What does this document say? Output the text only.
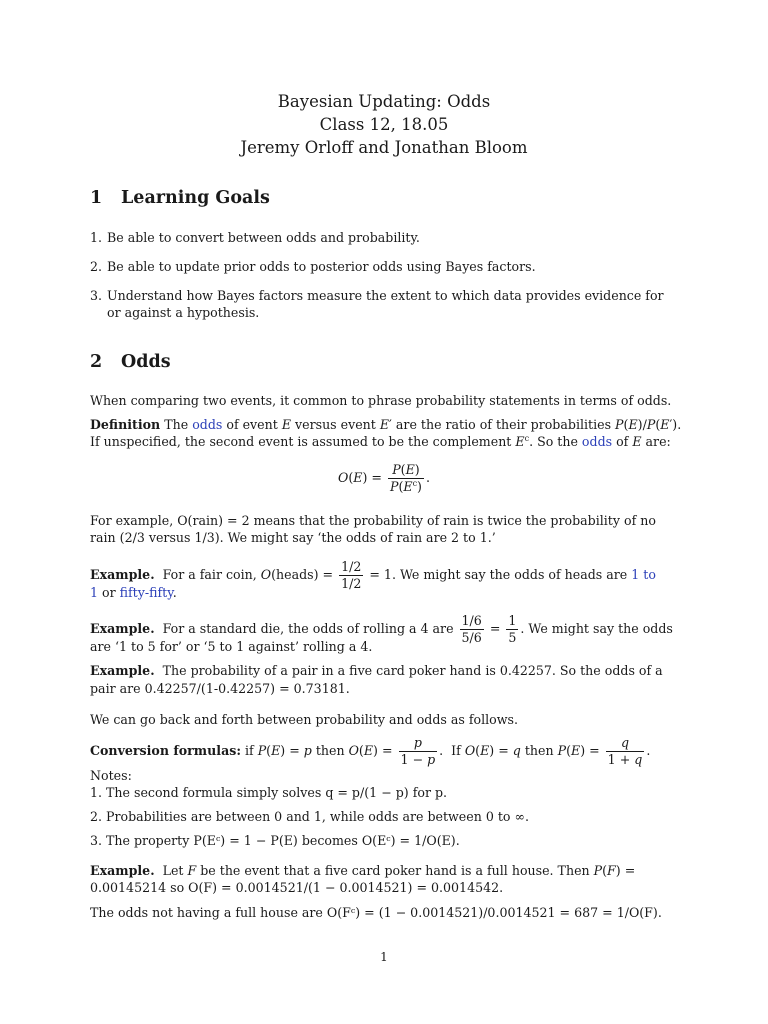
Bayesian Updating: Odds
Class 12, 18.05
Jeremy Orloff and Jonathan Bloom
1 Learning Goals
1. Be able to convert between odds and probability.
2. Be able to update prior odds to posterior odds using Bayes factors.
3. Understand how Bayes factors measure the extent to which data provides evidence for
or against a hypothesis.
2 Odds
When comparing two events, it common to phrase probability statements in terms of odds.
Definition The odds of event E versus event E′ are the ratio of their probabilities P(E)/P(E′).
If unspecified, the second event is assumed to be the complement $E^c$. So the odds of E are:
$O(E) = \frac{P(E)}{P(E^c)}$ .
For example, O(rain) = 2 means that the probability of rain is twice the probability of no
rain (2/3 versus 1/3). We might say ‘the odds of rain are 2 to 1.’
Example.  For a fair coin, O(heads) = $\frac{1/2}{1/2} = 1$. We might say the odds of heads are 1 to
1 or fifty-fifty.
Example.  For a standard die, the odds of rolling a 4 are $\frac{1/6}{5/6} = \frac{1}{5}$ . We might say the odds
are ‘1 to 5 for’ or ‘5 to 1 against’ rolling a 4.
Example. The probability of a pair in a five card poker hand is 0.42257. So the odds of a
pair are 0.42257/(1-0.42257) = 0.73181.
We can go back and forth between probability and odds as follows.
Conversion formulas: if P(E) = p then $O(E) = \frac{p}{1 - p}$ .  If O(E) = q then $P(E) = \frac{q}{1 + q}$ .
Notes:
1. The second formula simply solves q = p/(1 − p) for p.
2. Probabilities are between 0 and 1, while odds are between 0 to ∞.
3. The property P(Eᶜ) = 1 − P(E) becomes O(Eᶜ) = 1/O(E).
Example.  Let F be the event that a five card poker hand is a full house. Then P(F) =
0.00145214 so O(F) = 0.0014521/(1 − 0.0014521) = 0.0014542.
The odds not having a full house are O(Fᶜ) = (1 − 0.0014521)/0.0014521 = 687 = 1/O(F).
1
